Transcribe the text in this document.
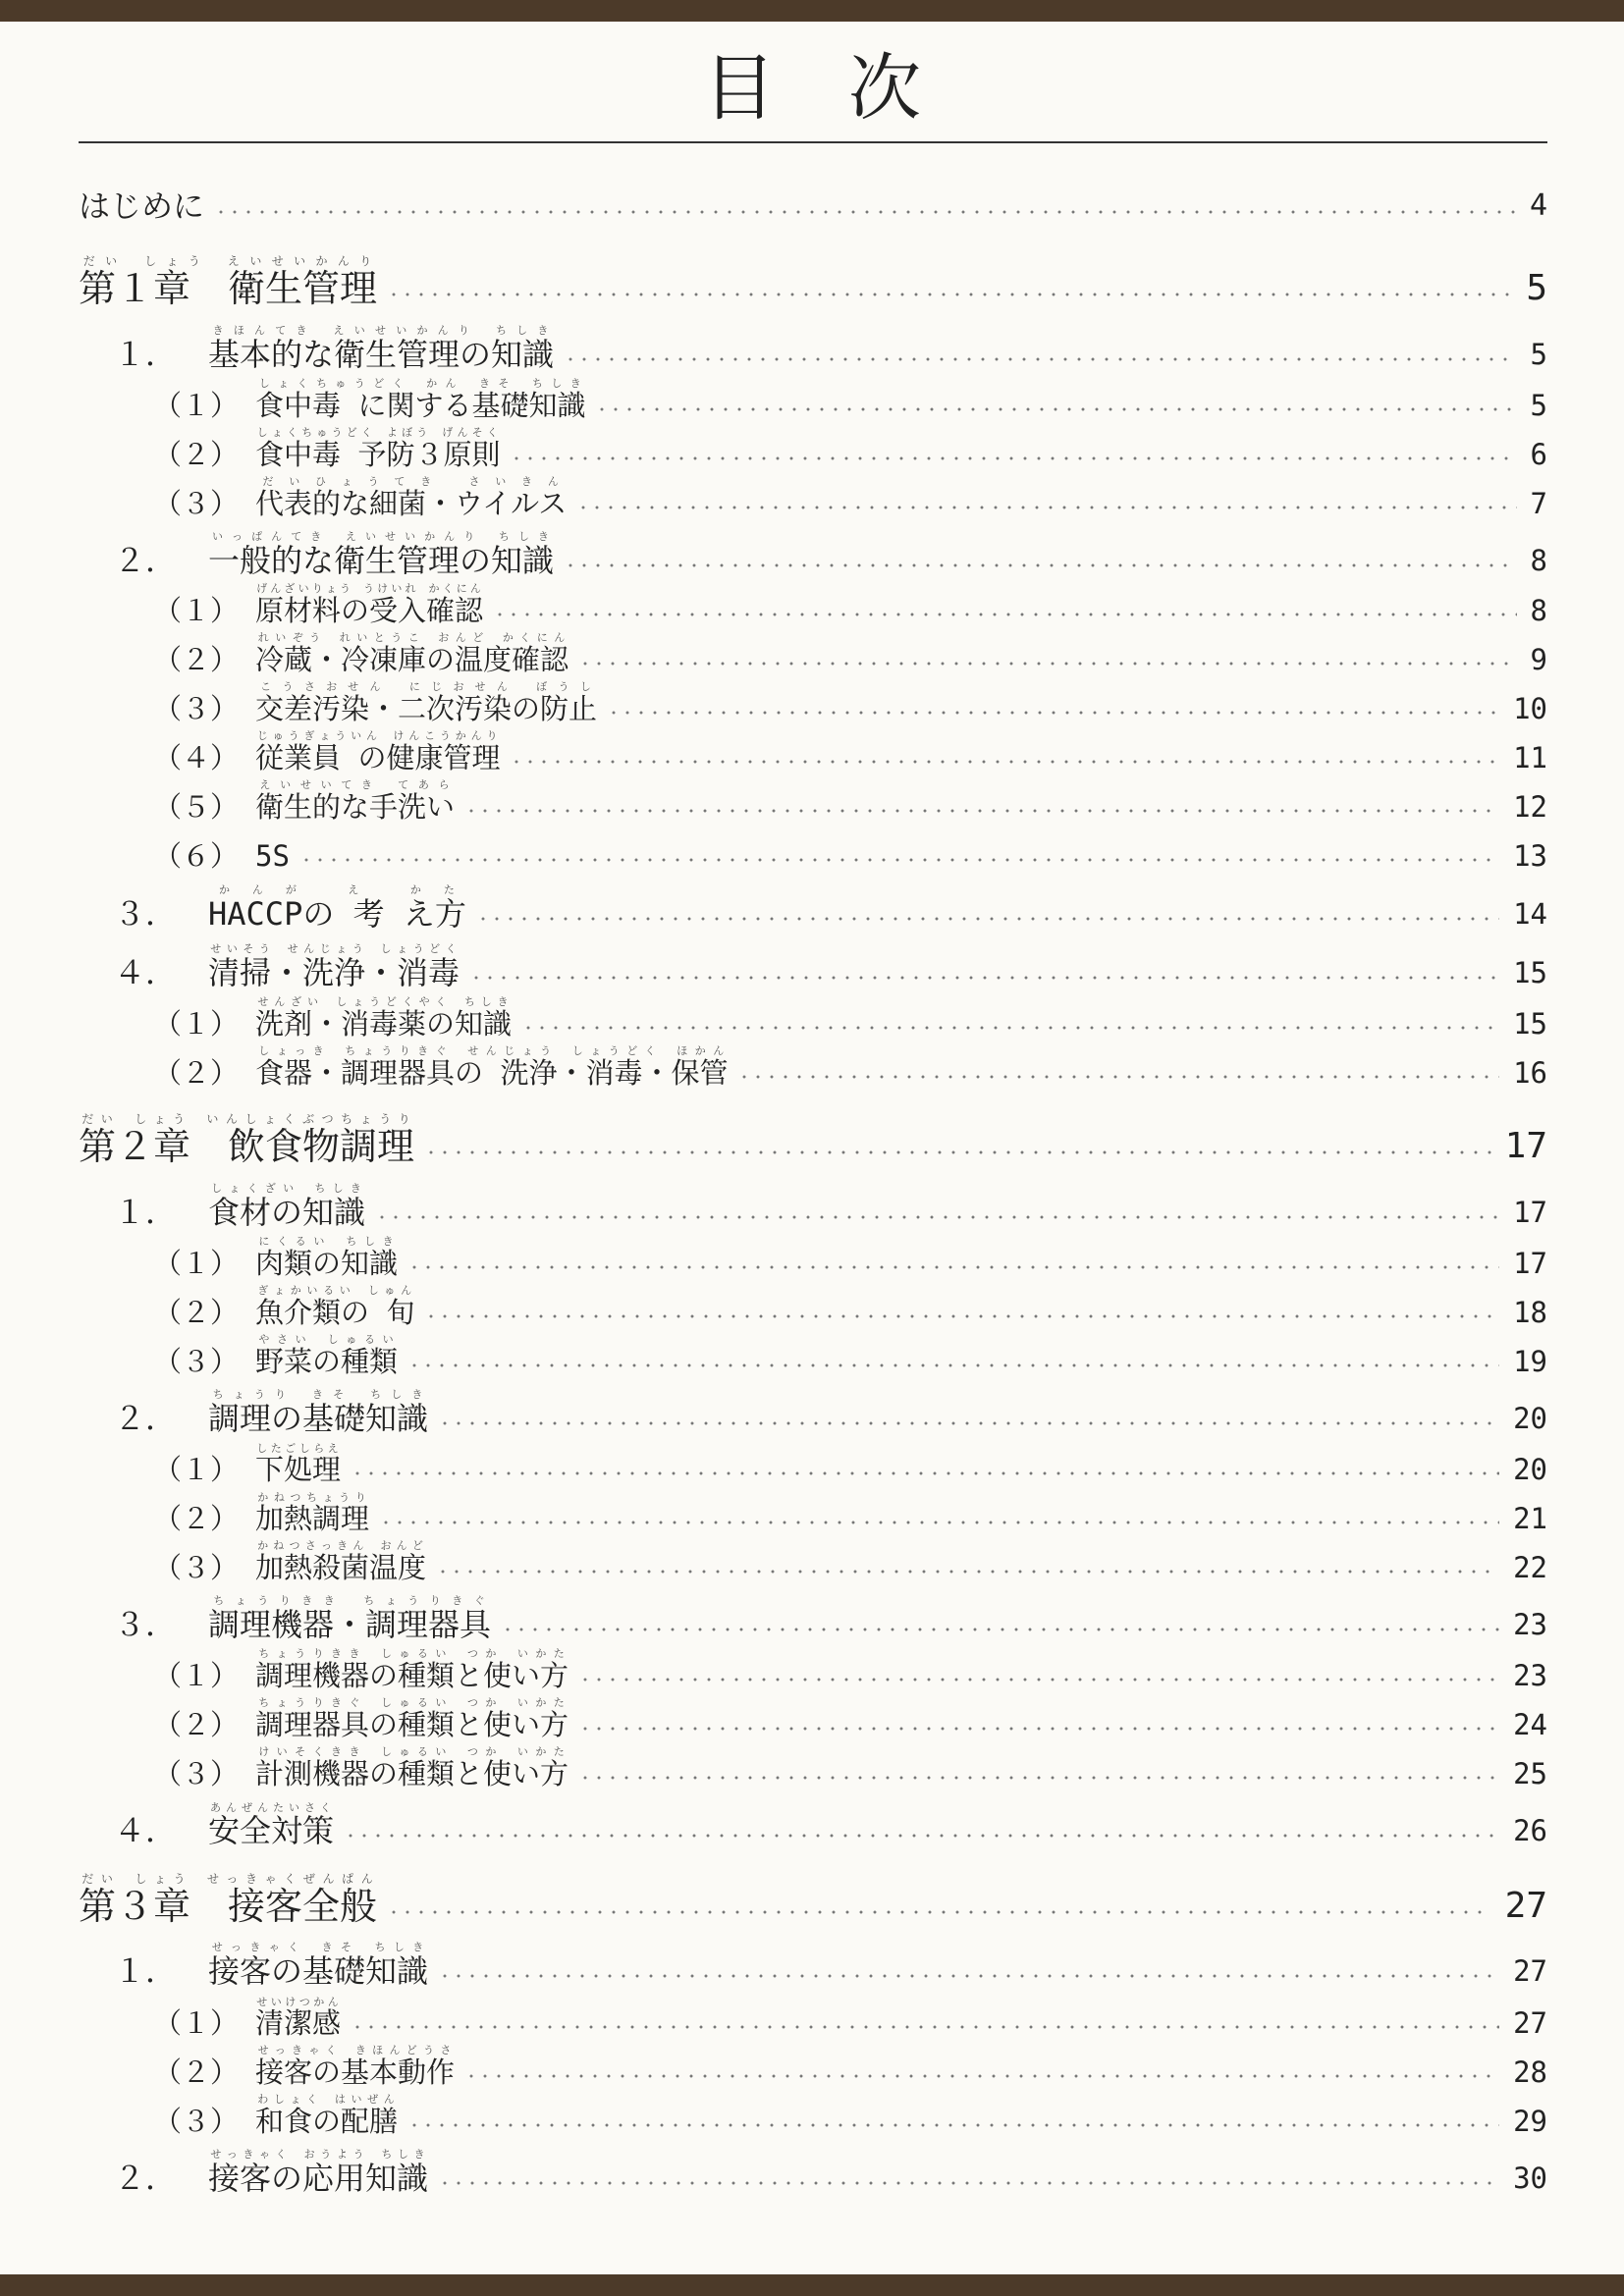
目　次
はじめに	4
第１章　衛生管理だい しょう えいせいかんり
5
１． 基本的な衛生管理の知識きほんてき えいせいかんり ちしき
5
（１） 食中毒 に関する基礎知識しょくちゅうどく かん きそ ちしき
5
（２） 食中毒 予防３原則しょくちゅうどく よぼう げんそく
6
（３） 代表的な細菌・ウイルスだいひょうてき さいきん
7
２． 一般的な衛生管理の知識いっぱんてき えいせいかんり ちしき
8
（１） 原材料の受入確認げんざいりょう うけいれ かくにん
8
（２） 冷蔵・冷凍庫の温度確認れいぞう れいとうこ おんど かくにん
9
（３） 交差汚染・二次汚染の防止こうさおせん にじおせん ぼうし
10
（４） 従業員 の健康管理じゅうぎょういん けんこうかんり
11
（５） 衛生的な手洗いえいせいてき てあら
12
（６） 5S	13
３． HACCPの 考 え方かんが え かた
14
４． 清掃・洗浄・消毒せいそう せんじょう しょうどく
15
（１） 洗剤・消毒薬の知識せんざい しょうどくやく ちしき
15
（２） 食器・調理器具の 洗浄・消毒・保管しょっき ちょうりきぐ せんじょう しょうどく ほかん
16
第２章　飲食物調理だい しょう いんしょくぶつちょうり
17
１． 食材の知識しょくざい ちしき
17
（１） 肉類の知識にくるい ちしき
17
（２） 魚介類の 旬ぎょかいるい しゅん
18
（３） 野菜の種類やさい しゅるい
19
２． 調理の基礎知識ちょうり きそ ちしき
20
（１） 下処理したごしらえ
20
（２） 加熱調理かねつちょうり
21
（３） 加熱殺菌温度かねつさっきん おんど
22
３． 調理機器・調理器具ちょうりきき ちょうりきぐ
23
（１） 調理機器の種類と使い方ちょうりきき しゅるい つか いかた
23
（２） 調理器具の種類と使い方ちょうりきぐ しゅるい つか いかた
24
（３） 計測機器の種類と使い方けいそくきき しゅるい つか いかた
25
４． 安全対策あんぜんたいさく
26
第３章　接客全般だい しょう せっきゃくぜんぱん
27
１． 接客の基礎知識せっきゃく きそ ちしき
27
（１） 清潔感せいけつかん
27
（２） 接客の基本動作せっきゃく きほんどうさ
28
（３） 和食の配膳わしょく はいぜん
29
２． 接客の応用知識せっきゃく おうよう ちしき
30
